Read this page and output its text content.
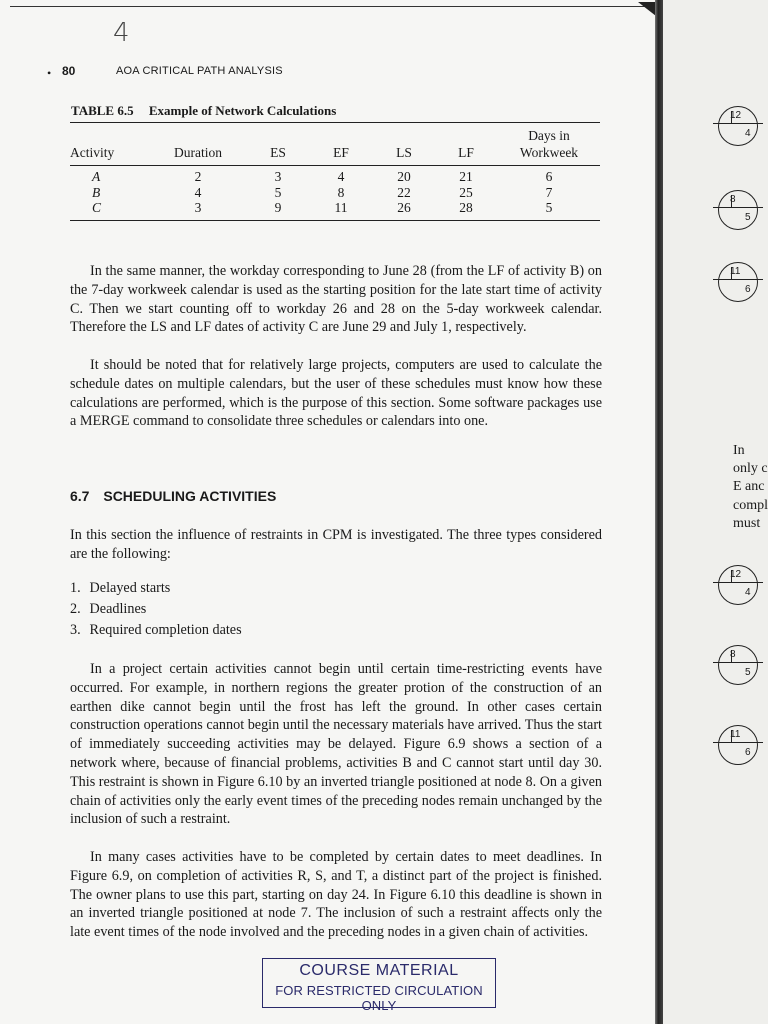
4
• 80	AOA CRITICAL PATH ANALYSIS
TABLE 6.5 Example of Network Calculations
Activity	Duration	ES	EF	LS	LF	Days in
Workweek

A	2	3	4	20	21	6
B	4	5	8	22	25	7
C	3	9	11	26	28	5

In the same manner, the workday corresponding to June 28 (from the LF of activity B) on the 7-day workweek calendar is used as the starting position for the late start time of activity C. Then we start counting off to workday 26 and 28 on the 5-day workweek calendar. Therefore the LS and LF dates of activity C are June 29 and July 1, respectively.

It should be noted that for relatively large projects, computers are used to calculate the schedule dates on multiple calendars, but the user of these schedules must know how these calculations are performed, which is the purpose of this section. Some software packages use a MERGE command to consolidate three schedules or calendars into one.

6.7 SCHEDULING ACTIVITIES

In this section the influence of restraints in CPM is investigated. The three types considered are the following:

1. Delayed starts
2. Deadlines
3. Required completion dates

In a project certain activities cannot begin until certain time-restricting events have occurred. For example, in northern regions the greater protion of the construction of an earthen dike cannot begin until the frost has left the ground. In other cases certain construction operations cannot begin until the necessary materials have arrived. Thus the start of immediately succeeding activities may be delayed. Figure 6.9 shows a section of a network where, because of financial problems, activities B and C cannot start until day 30. This restraint is shown in Figure 6.10 by an inverted triangle positioned at node 8. On a given chain of activities only the early event times of the preceding nodes remain unchanged by the inclusion of such a restraint.

In many cases activities have to be completed by certain dates to meet deadlines. In Figure 6.9, on completion of activities R, S, and T, a distinct part of the project is finished. The owner plans to use this part, starting on day 24. In Figure 6.10 this deadline is shown in an inverted triangle positioned at node 7. The inclusion of such a restraint affects only the late event times of the node involved and the preceding nodes in a given chain of activities.

COURSE MATERIAL
FOR RESTRICTED CIRCULATION ONLY
12
4
8
5
11
6
In
only c
E anc
compl
must
12
4
8
5
11
6
